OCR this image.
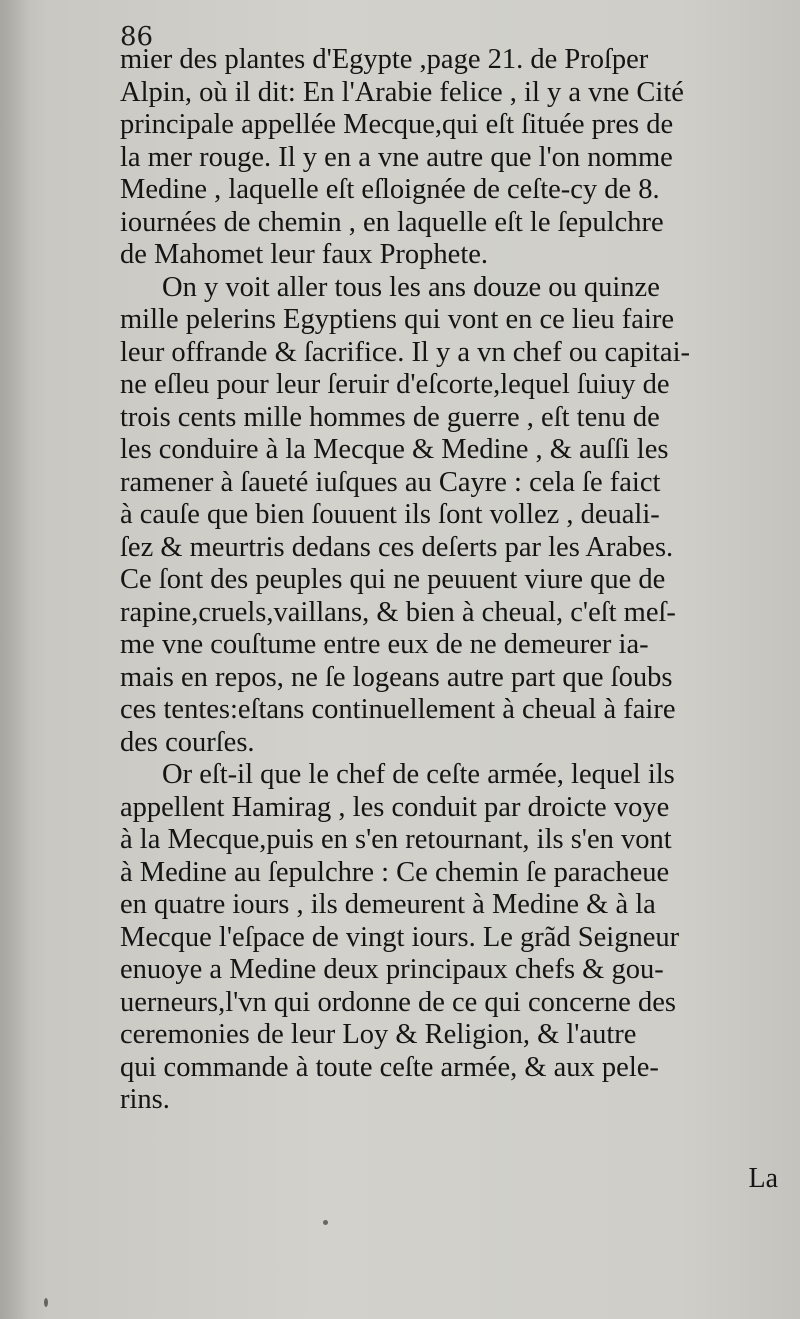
86

mier des plantes d'Egypte ,page 21. de Proſper
Alpin, où il dit: En l'Arabie felice , il y a vne Cité
principale appellée Mecque,qui eſt ſituée pres de
la mer rouge. Il y en a vne autre que l'on nomme
Medine , laquelle eſt eſloignée de ceſte-cy de 8.
iournées de chemin , en laquelle eſt le ſepulchre
de Mahomet leur faux Prophete.

On y voit aller tous les ans douze ou quinze
mille pelerins Egyptiens qui vont en ce lieu faire
leur offrande & ſacrifice. Il y a vn chef ou capitai-
ne eſleu pour leur ſeruir d'eſcorte,lequel ſuiuy de
trois cents mille hommes de guerre , eſt tenu de
les conduire à la Mecque & Medine , & auſſi les
ramener à ſaueté iuſques au Cayre : cela ſe faict
à cauſe que bien ſouuent ils ſont vollez , deuali-
ſez & meurtris dedans ces deſerts par les Arabes.
Ce ſont des peuples qui ne peuuent viure que de
rapine,cruels,vaillans, & bien à cheual, c'eſt meſ-
me vne couſtume entre eux de ne demeurer ia-
mais en repos, ne ſe logeans autre part que ſoubs
ces tentes:eſtans continuellement à cheual à faire
des courſes.

Or eſt-il que le chef de ceſte armée, lequel ils
appellent Hamirag , les conduit par droicte voye
à la Mecque,puis en s'en retournant, ils s'en vont
à Medine au ſepulchre : Ce chemin ſe paracheue
en quatre iours , ils demeurent à Medine & à la
Mecque l'eſpace de vingt iours. Le grãd Seigneur
enuoye a Medine deux principaux chefs & gou-
uerneurs,l'vn qui ordonne de ce qui concerne des
ceremonies de leur Loy & Religion, & l'autre
qui commande à toute ceſte armée, & aux pele-
rins.

La
